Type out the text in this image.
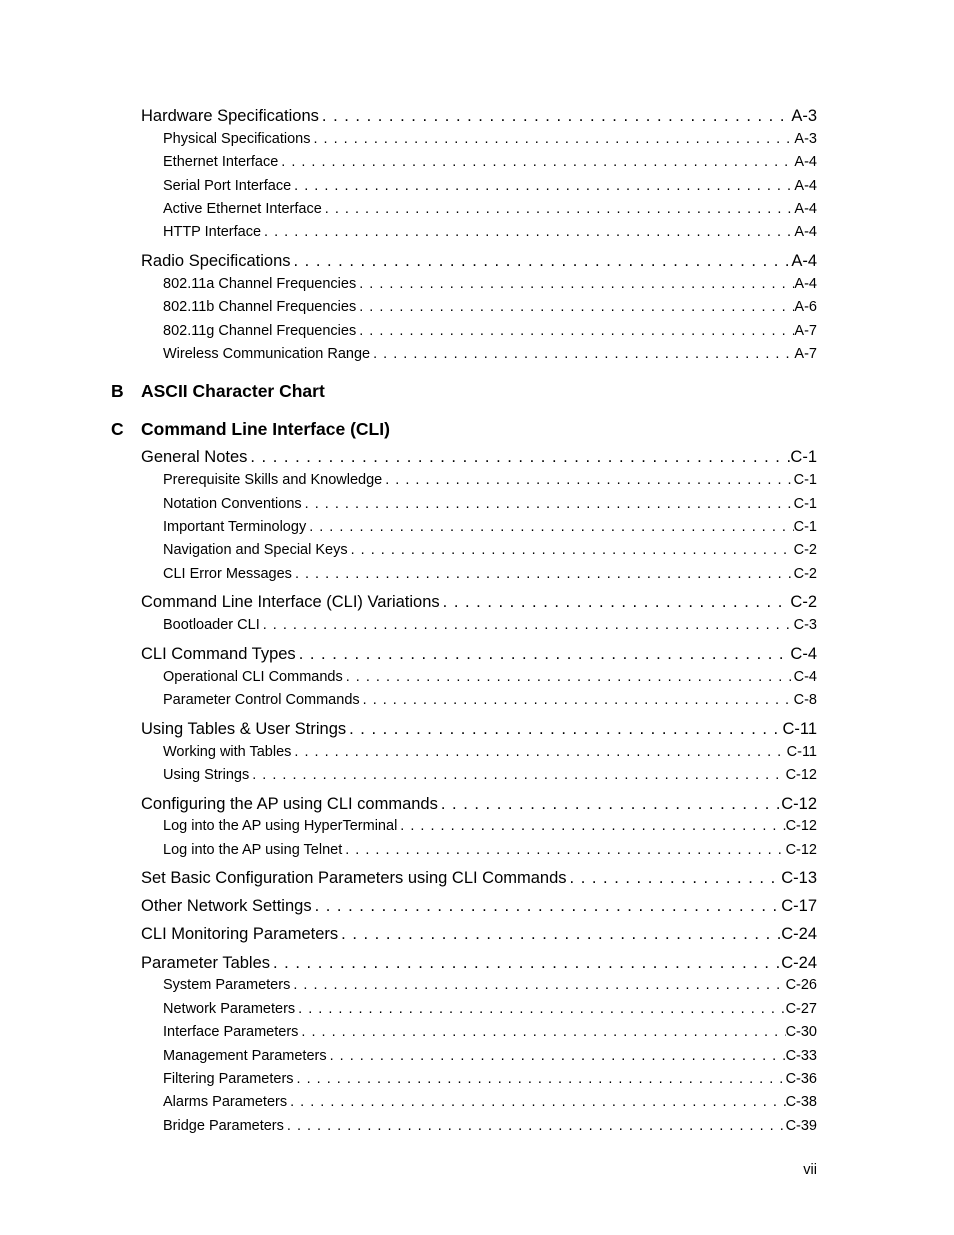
Hardware Specifications . . .	A-3
Physical Specifications . . .	A-3
Ethernet Interface . . .	A-4
Serial Port Interface . . .	A-4
Active Ethernet Interface . . .	A-4
HTTP Interface . . .	A-4
Radio Specifications . . .	A-4
802.11a Channel Frequencies . . .	A-4
802.11b Channel Frequencies . . .	A-6
802.11g Channel Frequencies . . .	A-7
Wireless Communication Range . . .	A-7
B ASCII Character Chart
C Command Line Interface (CLI)
General Notes . . .	C-1
Prerequisite Skills and Knowledge . . .	C-1
Notation Conventions . . .	C-1
Important Terminology . . .	C-1
Navigation and Special Keys . . .	C-2
CLI Error Messages . . .	C-2
Command Line Interface (CLI) Variations . . .	C-2
Bootloader CLI . . .	C-3
CLI Command Types . . .	C-4
Operational CLI Commands . . .	C-4
Parameter Control Commands . . .	C-8
Using Tables & User Strings . . .	C-11
Working with Tables . . .	C-11
Using Strings . . .	C-12
Configuring the AP using CLI commands . . .	C-12
Log into the AP using HyperTerminal . . .	C-12
Log into the AP using Telnet . . .	C-12
Set Basic Configuration Parameters using CLI Commands . . .	C-13
Other Network Settings . . .	C-17
CLI Monitoring Parameters . . .	C-24
Parameter Tables . . .	C-24
System Parameters . . .	C-26
Network Parameters . . .	C-27
Interface Parameters . . .	C-30
Management Parameters . . .	C-33
Filtering Parameters . . .	C-36
Alarms Parameters . . .	C-38
Bridge Parameters . . .	C-39
vii
